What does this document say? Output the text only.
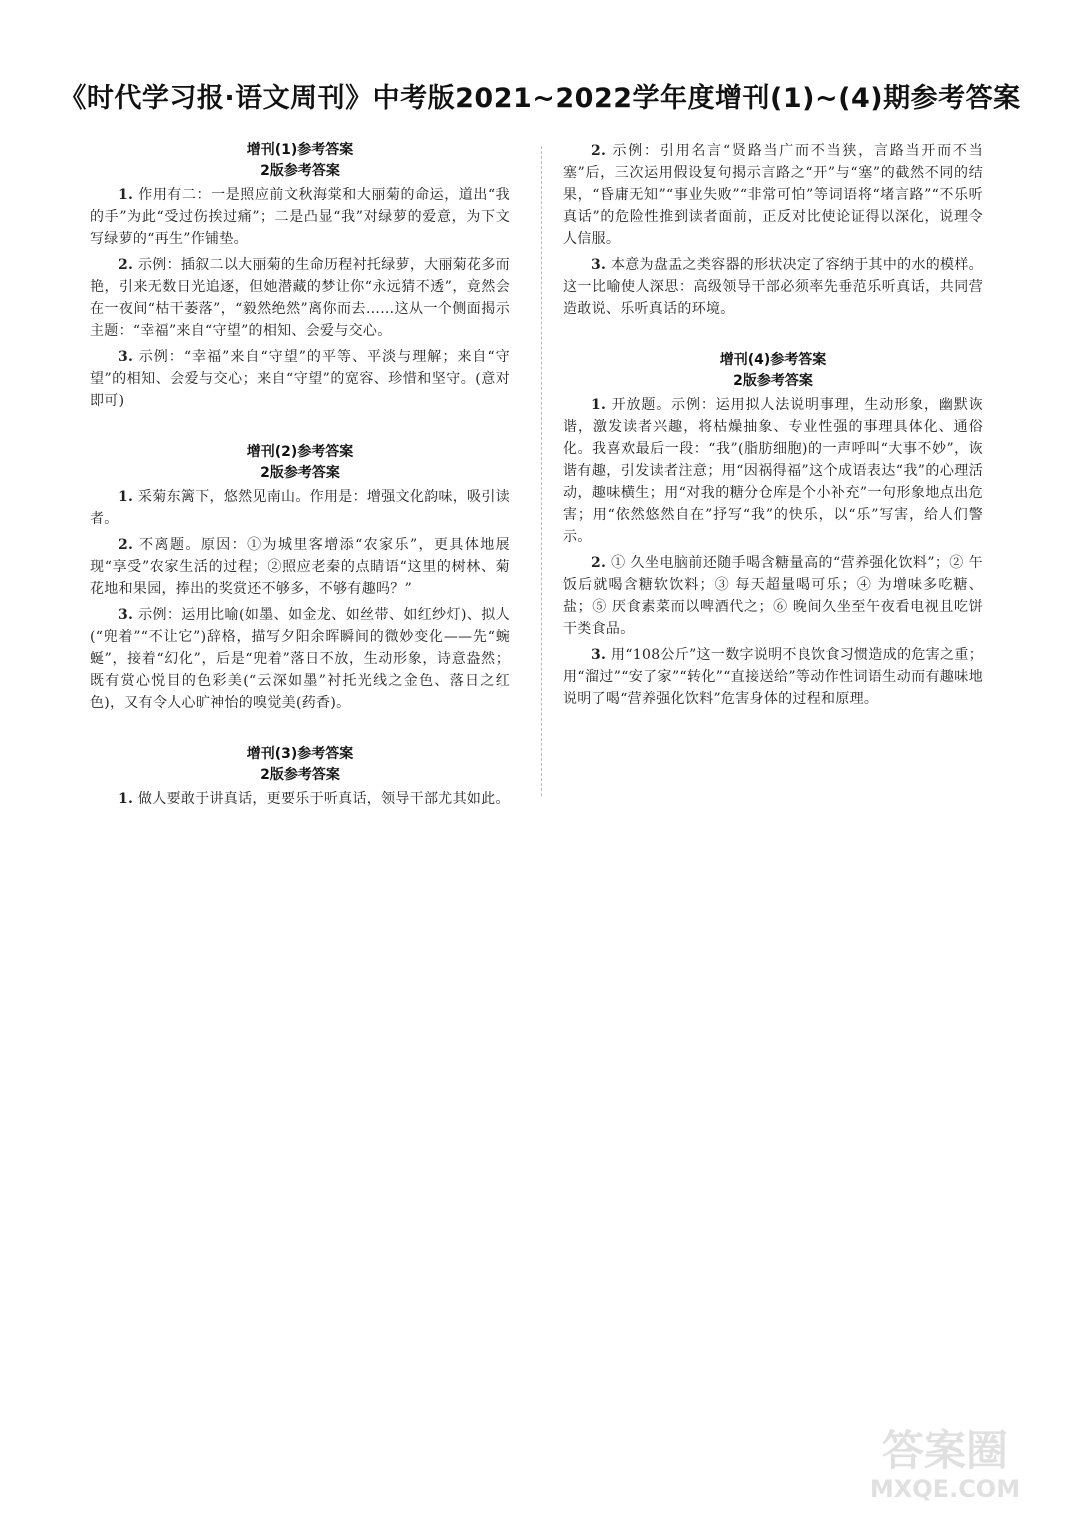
《时代学习报·语文周刊》中考版2021~2022学年度增刊(1)~(4)期参考答案
增刊(1)参考答案
2版参考答案

1. 作用有二：一是照应前文秋海棠和大丽菊的命运，道出“我的手”为此“受过伤挨过痛”；二是凸显“我”对绿萝的爱意，为下文写绿萝的“再生”作铺垫。

2. 示例：插叙二以大丽菊的生命历程衬托绿萝，大丽菊花多而艳，引来无数日光追逐，但她潜藏的梦让你“永远猜不透”，竟然会在一夜间“枯干萎落”，“毅然绝然”离你而去……这从一个侧面揭示主题：“幸福”来自“守望”的相知、会爱与交心。

3. 示例：“幸福”来自“守望”的平等、平淡与理解；来自“守望”的相知、会爱与交心；来自“守望”的宽容、珍惜和坚守。(意对即可)

增刊(2)参考答案
2版参考答案

1. 采菊东篱下，悠然见南山。作用是：增强文化韵味，吸引读者。

2. 不离题。原因：①为城里客增添“农家乐”，更具体地展现“享受”农家生活的过程；②照应老秦的点睛语“这里的树林、菊花地和果园，捧出的奖赏还不够多，不够有趣吗？”

3. 示例：运用比喻(如墨、如金龙、如丝带、如红纱灯)、拟人(“兜着”“不让它”)辞格，描写夕阳余晖瞬间的微妙变化——先“蜿蜒”，接着“幻化”，后是“兜着”落日不放，生动形象，诗意盎然；既有赏心悦目的色彩美(“云深如墨”衬托光线之金色、落日之红色)，又有令人心旷神怡的嗅觉美(药香)。

增刊(3)参考答案
2版参考答案

1. 做人要敢于讲真话，更要乐于听真话，领导干部尤其如此。

2. 示例：引用名言“贤路当广而不当狭，言路当开而不当塞”后，三次运用假设复句揭示言路之“开”与“塞”的截然不同的结果，“昏庸无知”“事业失败”“非常可怕”等词语将“堵言路”“不乐听真话”的危险性推到读者面前，正反对比使论证得以深化，说理令人信服。

3. 本意为盘盂之类容器的形状决定了容纳于其中的水的模样。这一比喻使人深思：高级领导干部必须率先垂范乐听真话，共同营造敢说、乐听真话的环境。

增刊(4)参考答案
2版参考答案

1. 开放题。示例：运用拟人法说明事理，生动形象，幽默诙谐，激发读者兴趣，将枯燥抽象、专业性强的事理具体化、通俗化。我喜欢最后一段：“我”(脂肪细胞)的一声呼叫“大事不妙”，诙谐有趣，引发读者注意；用“因祸得福”这个成语表达“我”的心理活动，趣味横生；用“对我的糖分仓库是个小补充”一句形象地点出危害；用“依然悠然自在”抒写“我”的快乐，以“乐”写害，给人们警示。

2. ① 久坐电脑前还随手喝含糖量高的“营养强化饮料”；② 午饭后就喝含糖软饮料；③ 每天超量喝可乐；④ 为增味多吃糖、盐；⑤ 厌食素菜而以啤酒代之；⑥ 晚间久坐至午夜看电视且吃饼干类食品。

3. 用“108公斤”这一数字说明不良饮食习惯造成的危害之重；用“溜过”“安了家”“转化”“直接送给”等动作性词语生动而有趣味地说明了喝“营养强化饮料”危害身体的过程和原理。

答案圈
MXQE.COM
